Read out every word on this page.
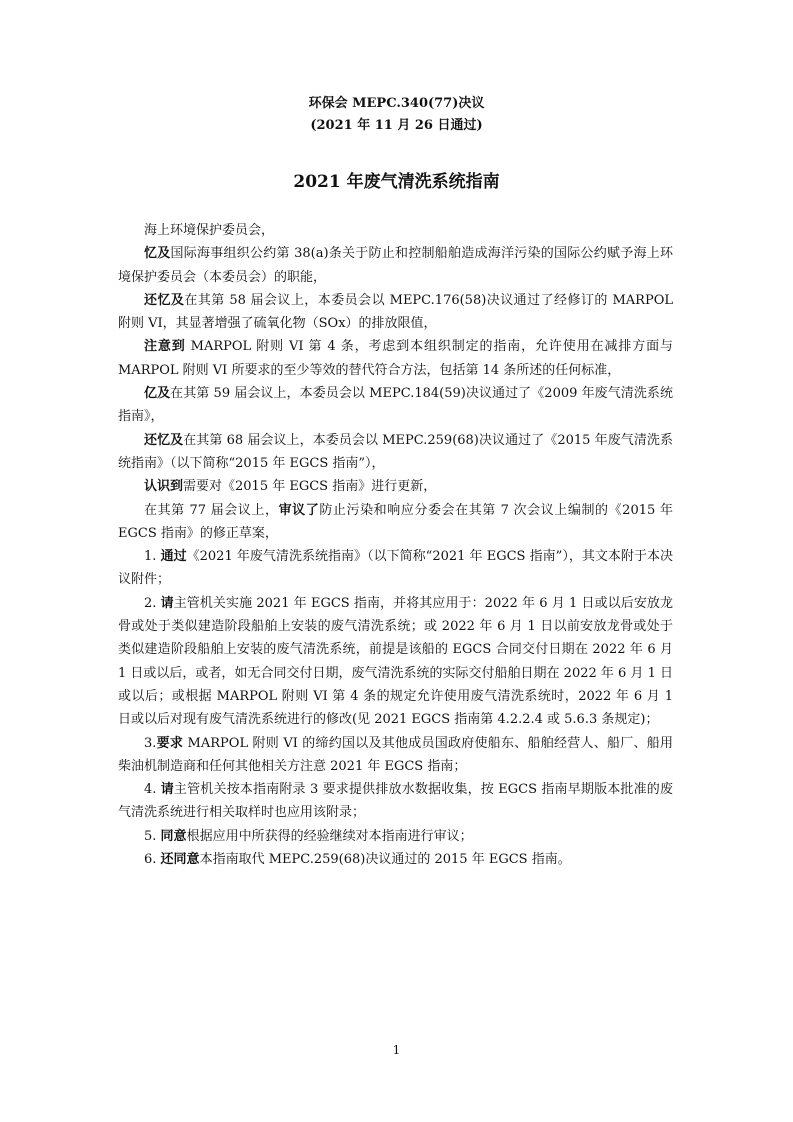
环保会 MEPC.340(77)决议
(2021 年 11 月 26 日通过)
2021 年废气清洗系统指南

海上环境保护委员会，

忆及国际海事组织公约第 38(a)条关于防止和控制船舶造成海洋污染的国际公约赋予海上环境保护委员会（本委员会）的职能，

还忆及在其第 58 届会议上，本委员会以 MEPC.176(58)决议通过了经修订的 MARPOL 附则 VI，其显著增强了硫氧化物（SOx）的排放限值，

注意到 MARPOL 附则 VI 第 4 条，考虑到本组织制定的指南，允许使用在减排方面与 MARPOL 附则 VI 所要求的至少等效的替代符合方法，包括第 14 条所述的任何标准，

亿及在其第 59 届会议上，本委员会以 MEPC.184(59)决议通过了《2009 年废气清洗系统指南》，

还忆及在其第 68 届会议上，本委员会以 MEPC.259(68)决议通过了《2015 年废气清洗系统指南》（以下简称“2015 年 EGCS 指南”），

认识到需要对《2015 年 EGCS 指南》进行更新，

在其第 77 届会议上，审议了防止污染和响应分委会在其第 7 次会议上编制的《2015 年 EGCS 指南》的修正草案，

1. 通过《2021 年废气清洗系统指南》（以下简称“2021 年 EGCS 指南”），其文本附于本决议附件；

2. 请主管机关实施 2021 年 EGCS 指南，并将其应用于：2022 年 6 月 1 日或以后安放龙骨或处于类似建造阶段船舶上安装的废气清洗系统；或 2022 年 6 月 1 日以前安放龙骨或处于类似建造阶段船舶上安装的废气清洗系统，前提是该船的 EGCS 合同交付日期在 2022 年 6 月 1 日或以后，或者，如无合同交付日期，废气清洗系统的实际交付船舶日期在 2022 年 6 月 1 日或以后；或根据 MARPOL 附则 VI 第 4 条的规定允许使用废气清洗系统时，2022 年 6 月 1 日或以后对现有废气清洗系统进行的修改(见 2021 EGCS 指南第 4.2.2.4 或 5.6.3 条规定)；

3.要求 MARPOL 附则 VI 的缔约国以及其他成员国政府使船东、船舶经营人、船厂、船用柴油机制造商和任何其他相关方注意 2021 年 EGCS 指南；

4. 请主管机关按本指南附录 3 要求提供排放水数据收集，按 EGCS 指南早期版本批准的废气清洗系统进行相关取样时也应用该附录；

5. 同意根据应用中所获得的经验继续对本指南进行审议；

6. 还同意本指南取代 MEPC.259(68)决议通过的 2015 年 EGCS 指南。

1
